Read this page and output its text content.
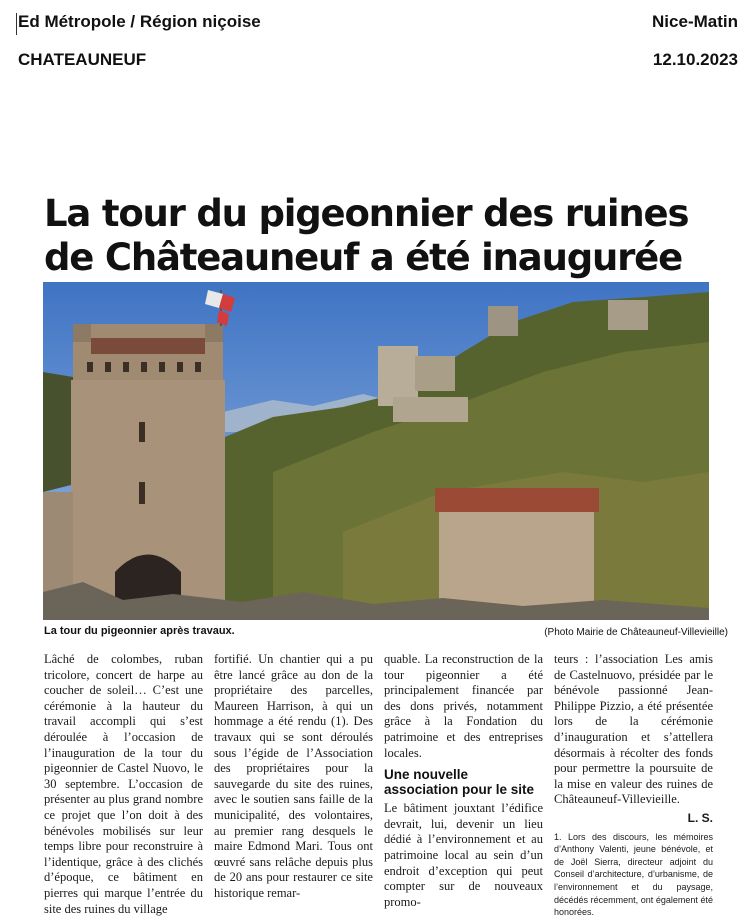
Ed Métropole / Région niçoise	Nice-Matin
CHATEAUNEUF	12.10.2023
La tour du pigeonnier des ruines
de Châteauneuf a été inaugurée
La tour du pigeonnier après travaux.	(Photo Mairie de Châteauneuf-Villevieille)

Lâché de colombes, ruban tricolore, concert de harpe au coucher de soleil… C’est une cérémonie à la hauteur du travail accompli qui s’est déroulée à l’occasion de l’inauguration de la tour du pigeonnier de Castel Nuovo, le 30 septembre. L’occasion de présenter au plus grand nombre ce projet que l’on doit à des bénévoles mobilisés sur leur temps libre pour reconstruire à l’identique, grâce à des clichés d’époque, ce bâtiment en pierres qui marque l’entrée du site des ruines du village

fortifié. Un chantier qui a pu être lancé grâce au don de la propriétaire des parcelles, Maureen Harrison, à qui un hommage a été rendu (1). Des travaux qui se sont déroulés sous l’égide de l’Association des propriétaires pour la sauvegarde du site des ruines, avec le soutien sans faille de la municipalité, des volontaires, au premier rang desquels le maire Edmond Mari. Tous ont œuvré sans relâche depuis plus de 20 ans pour restaurer ce site historique remar-

quable. La reconstruction de la tour pigeonnier a été principalement financée par des dons privés, notamment grâce à la Fondation du patrimoine et des entreprises locales.

Une nouvelle association pour le site

Le bâtiment jouxtant l’édifice devrait, lui, devenir un lieu dédié à l’environnement et au patrimoine local au sein d’un endroit d’exception qui peut compter sur de nouveaux promo-

teurs : l’association Les amis de Castelnuovo, présidée par le bénévole passionné Jean-Philippe Pizzio, a été présentée lors de la cérémonie d’inauguration et s’attellera désormais à récolter des fonds pour permettre la poursuite de la mise en valeur des ruines de Châteauneuf-Villevieille.

L. S.
1. Lors des discours, les mémoires d’Anthony Valenti, jeune bénévole, et de Joël Sierra, directeur adjoint du Conseil d’architecture, d’urbanisme, de l’environnement et du paysage, décédés récemment, ont également été honorées.
